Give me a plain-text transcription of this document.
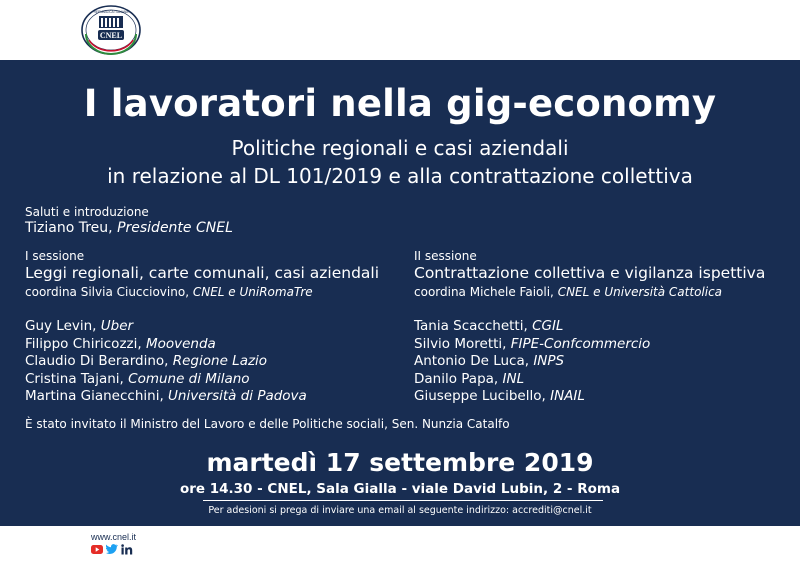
CNEL
REPUBBLICA ITALIANA
I lavoratori nella gig-economy

Politiche regionali e casi aziendali

in relazione al DL 101/2019 e alla contrattazione collettiva

Saluti e introduzione

Tiziano Treu, Presidente CNEL

I sessione

Leggi regionali, carte comunali, casi aziendali

coordina Silvia Ciucciovino, CNEL e UniRomaTre

Guy Levin, Uber
Filippo Chiricozzi, Moovenda
Claudio Di Berardino, Regione Lazio
Cristina Tajani, Comune di Milano
Martina Gianecchini, Università di Padova

II sessione

Contrattazione collettiva e vigilanza ispettiva

coordina Michele Faioli, CNEL e Università Cattolica

Tania Scacchetti, CGIL
Silvio Moretti, FIPE-Confcommercio
Antonio De Luca, INPS
Danilo Papa, INL
Giuseppe Lucibello, INAIL

È stato invitato il Ministro del Lavoro e delle Politiche sociali, Sen. Nunzia Catalfo

martedì 17 settembre 2019

ore 14.30 - CNEL, Sala Gialla - viale David Lubin, 2 - Roma

Per adesioni si prega di inviare una email al seguente indirizzo: accrediti@cnel.it

www.cnel.it
